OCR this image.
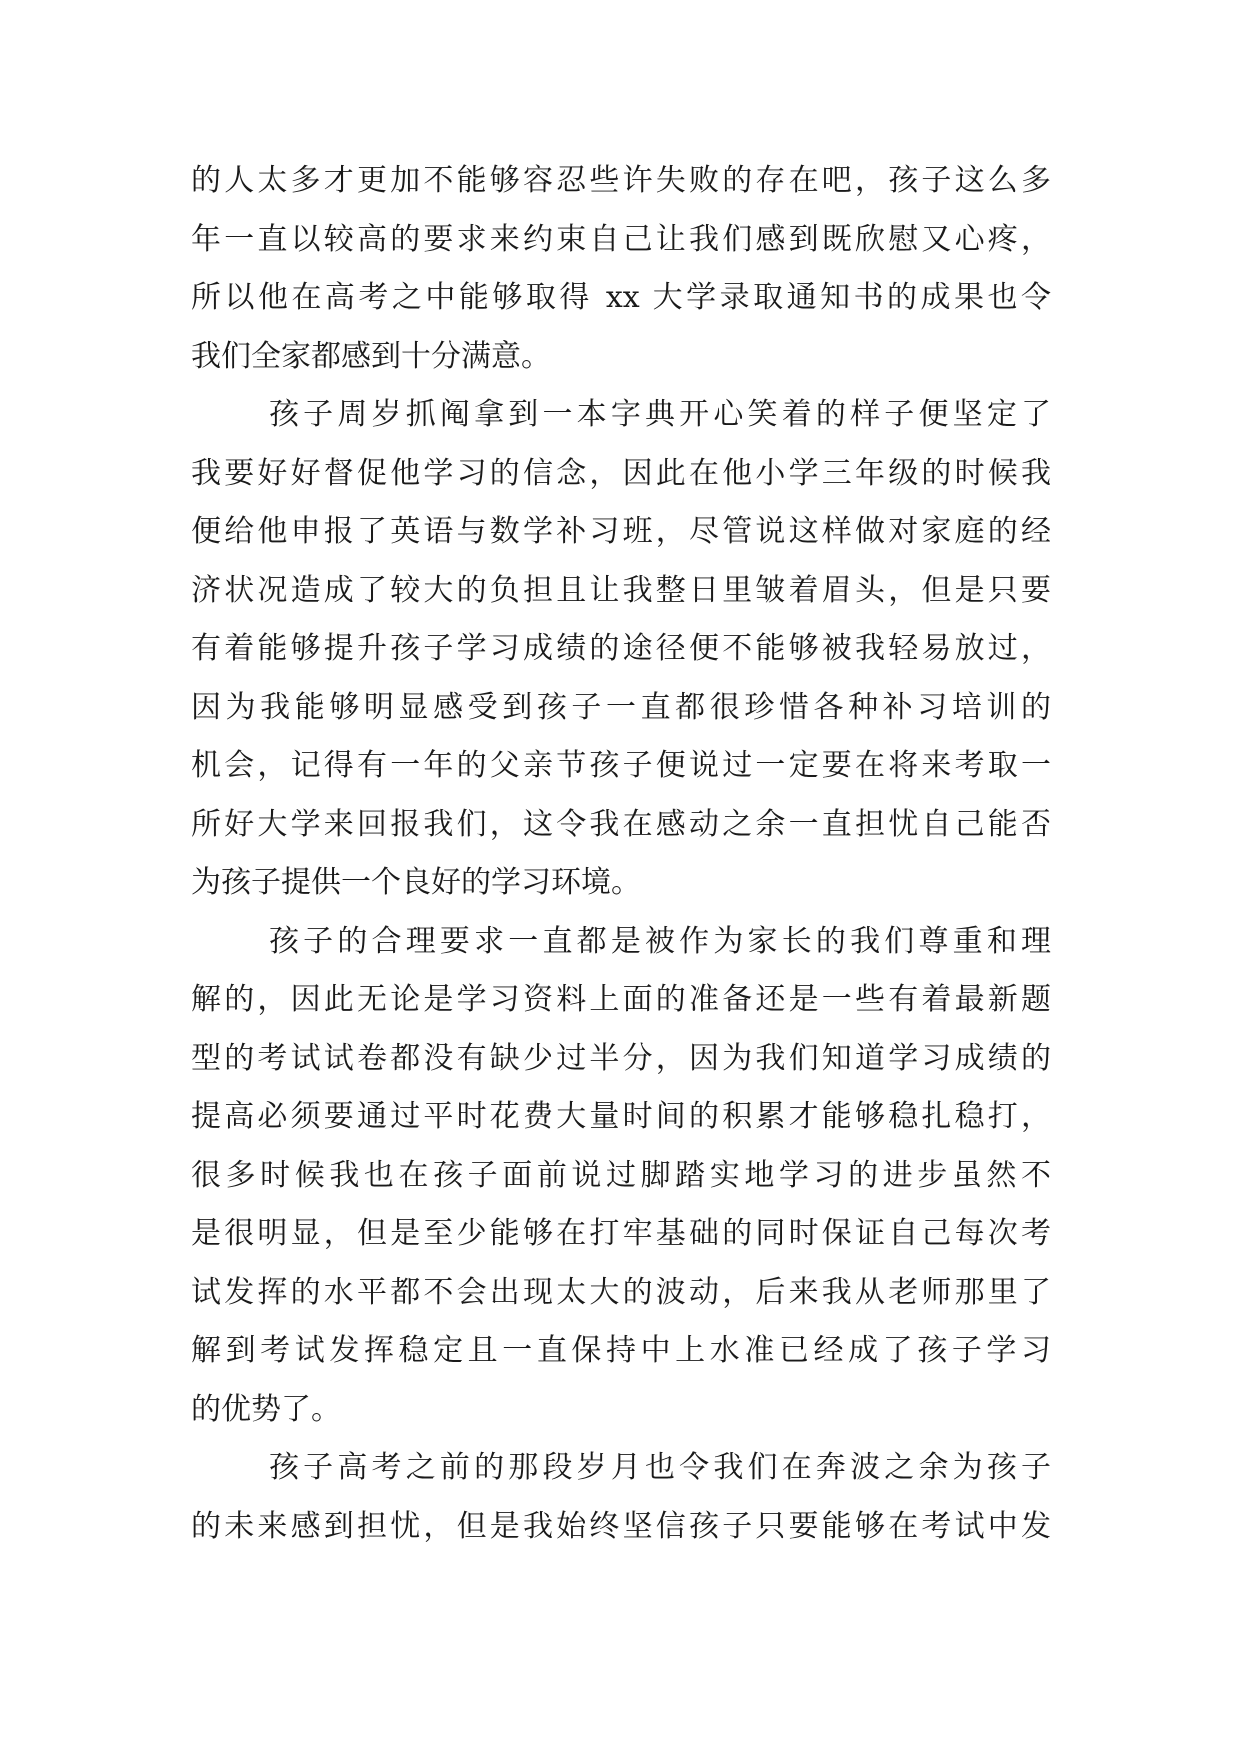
的人太多才更加不能够容忍些许失败的存在吧，孩子这么多
年一直以较高的要求来约束自己让我们感到既欣慰又心疼，
所以他在高考之中能够取得 xx 大学录取通知书的成果也令
我们全家都感到十分满意。
孩子周岁抓阄拿到一本字典开心笑着的样子便坚定了
我要好好督促他学习的信念，因此在他小学三年级的时候我
便给他申报了英语与数学补习班，尽管说这样做对家庭的经
济状况造成了较大的负担且让我整日里皱着眉头，但是只要
有着能够提升孩子学习成绩的途径便不能够被我轻易放过，
因为我能够明显感受到孩子一直都很珍惜各种补习培训的
机会，记得有一年的父亲节孩子便说过一定要在将来考取一
所好大学来回报我们，这令我在感动之余一直担忧自己能否
为孩子提供一个良好的学习环境。
孩子的合理要求一直都是被作为家长的我们尊重和理
解的，因此无论是学习资料上面的准备还是一些有着最新题
型的考试试卷都没有缺少过半分，因为我们知道学习成绩的
提高必须要通过平时花费大量时间的积累才能够稳扎稳打，
很多时候我也在孩子面前说过脚踏实地学习的进步虽然不
是很明显，但是至少能够在打牢基础的同时保证自己每次考
试发挥的水平都不会出现太大的波动，后来我从老师那里了
解到考试发挥稳定且一直保持中上水准已经成了孩子学习
的优势了。
孩子高考之前的那段岁月也令我们在奔波之余为孩子
的未来感到担忧，但是我始终坚信孩子只要能够在考试中发
